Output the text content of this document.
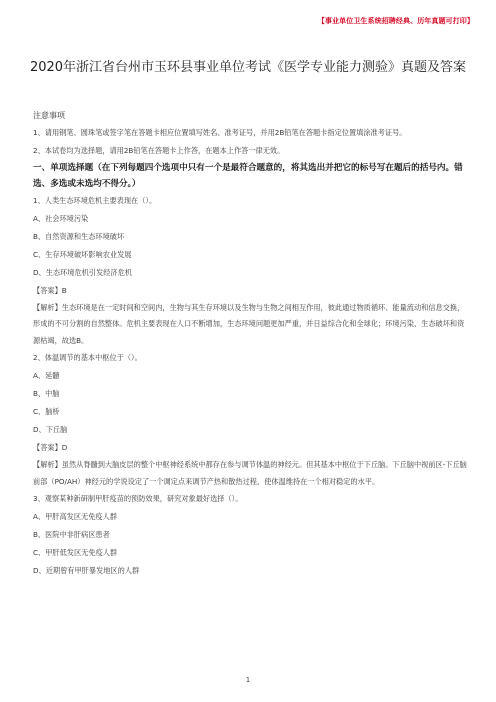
【事业单位卫生系统招聘经典、历年真题可打印】
2020年浙江省台州市玉环县事业单位考试《医学专业能力测验》真题及答案
注意事项
1、请用钢笔、圆珠笔或签字笔在答题卡相应位置填写姓名、准考证号，并用2B铅笔在答题卡指定位置填涂准考证号。
2、本试卷均为选择题，请用2B铅笔在答题卡上作答，在题本上作答一律无效。
一、单项选择题（在下列每题四个选项中只有一个是最符合题意的，将其选出并把它的标号写在题后的括号内。错选、多选或未选均不得分。）
1、人类生态环境危机主要表现在（）。
A、社会环境污染
B、自然资源和生态环境破坏
C、生存环境破坏影响农业发展
D、生态环境危机引发经济危机
【答案】B
【解析】生态环境是在一定时间和空间内，生物与其生存环境以及生物与生物之间相互作用，彼此通过物质循环、能量流动和信息交换，形成的不可分割的自然整体。危机主要表现在人口不断增加，生态环境问题更加严重，并日益综合化和全球化；环境污染、生态破坏和资源枯竭，故选B。
2、体温调节的基本中枢位于（）。
A、延髓
B、中脑
C、脑桥
D、下丘脑
【答案】D
【解析】虽然从脊髓到大脑皮层的整个中枢神经系统中都存在参与调节体温的神经元。但其基本中枢位于下丘脑。下丘脑中视前区-下丘脑前部（PO/AH）神经元的学说设定了一个调定点来调节产热和散热过程，使体温维持在一个相对稳定的水平。
3、观察某种新研制甲肝疫苗的预防效果，研究对象最好选择（）。
A、甲肝高发区无免疫人群
B、医院中非肝病区患者
C、甲肝低发区无免疫人群
D、近期曾有甲肝暴发地区的人群
1
